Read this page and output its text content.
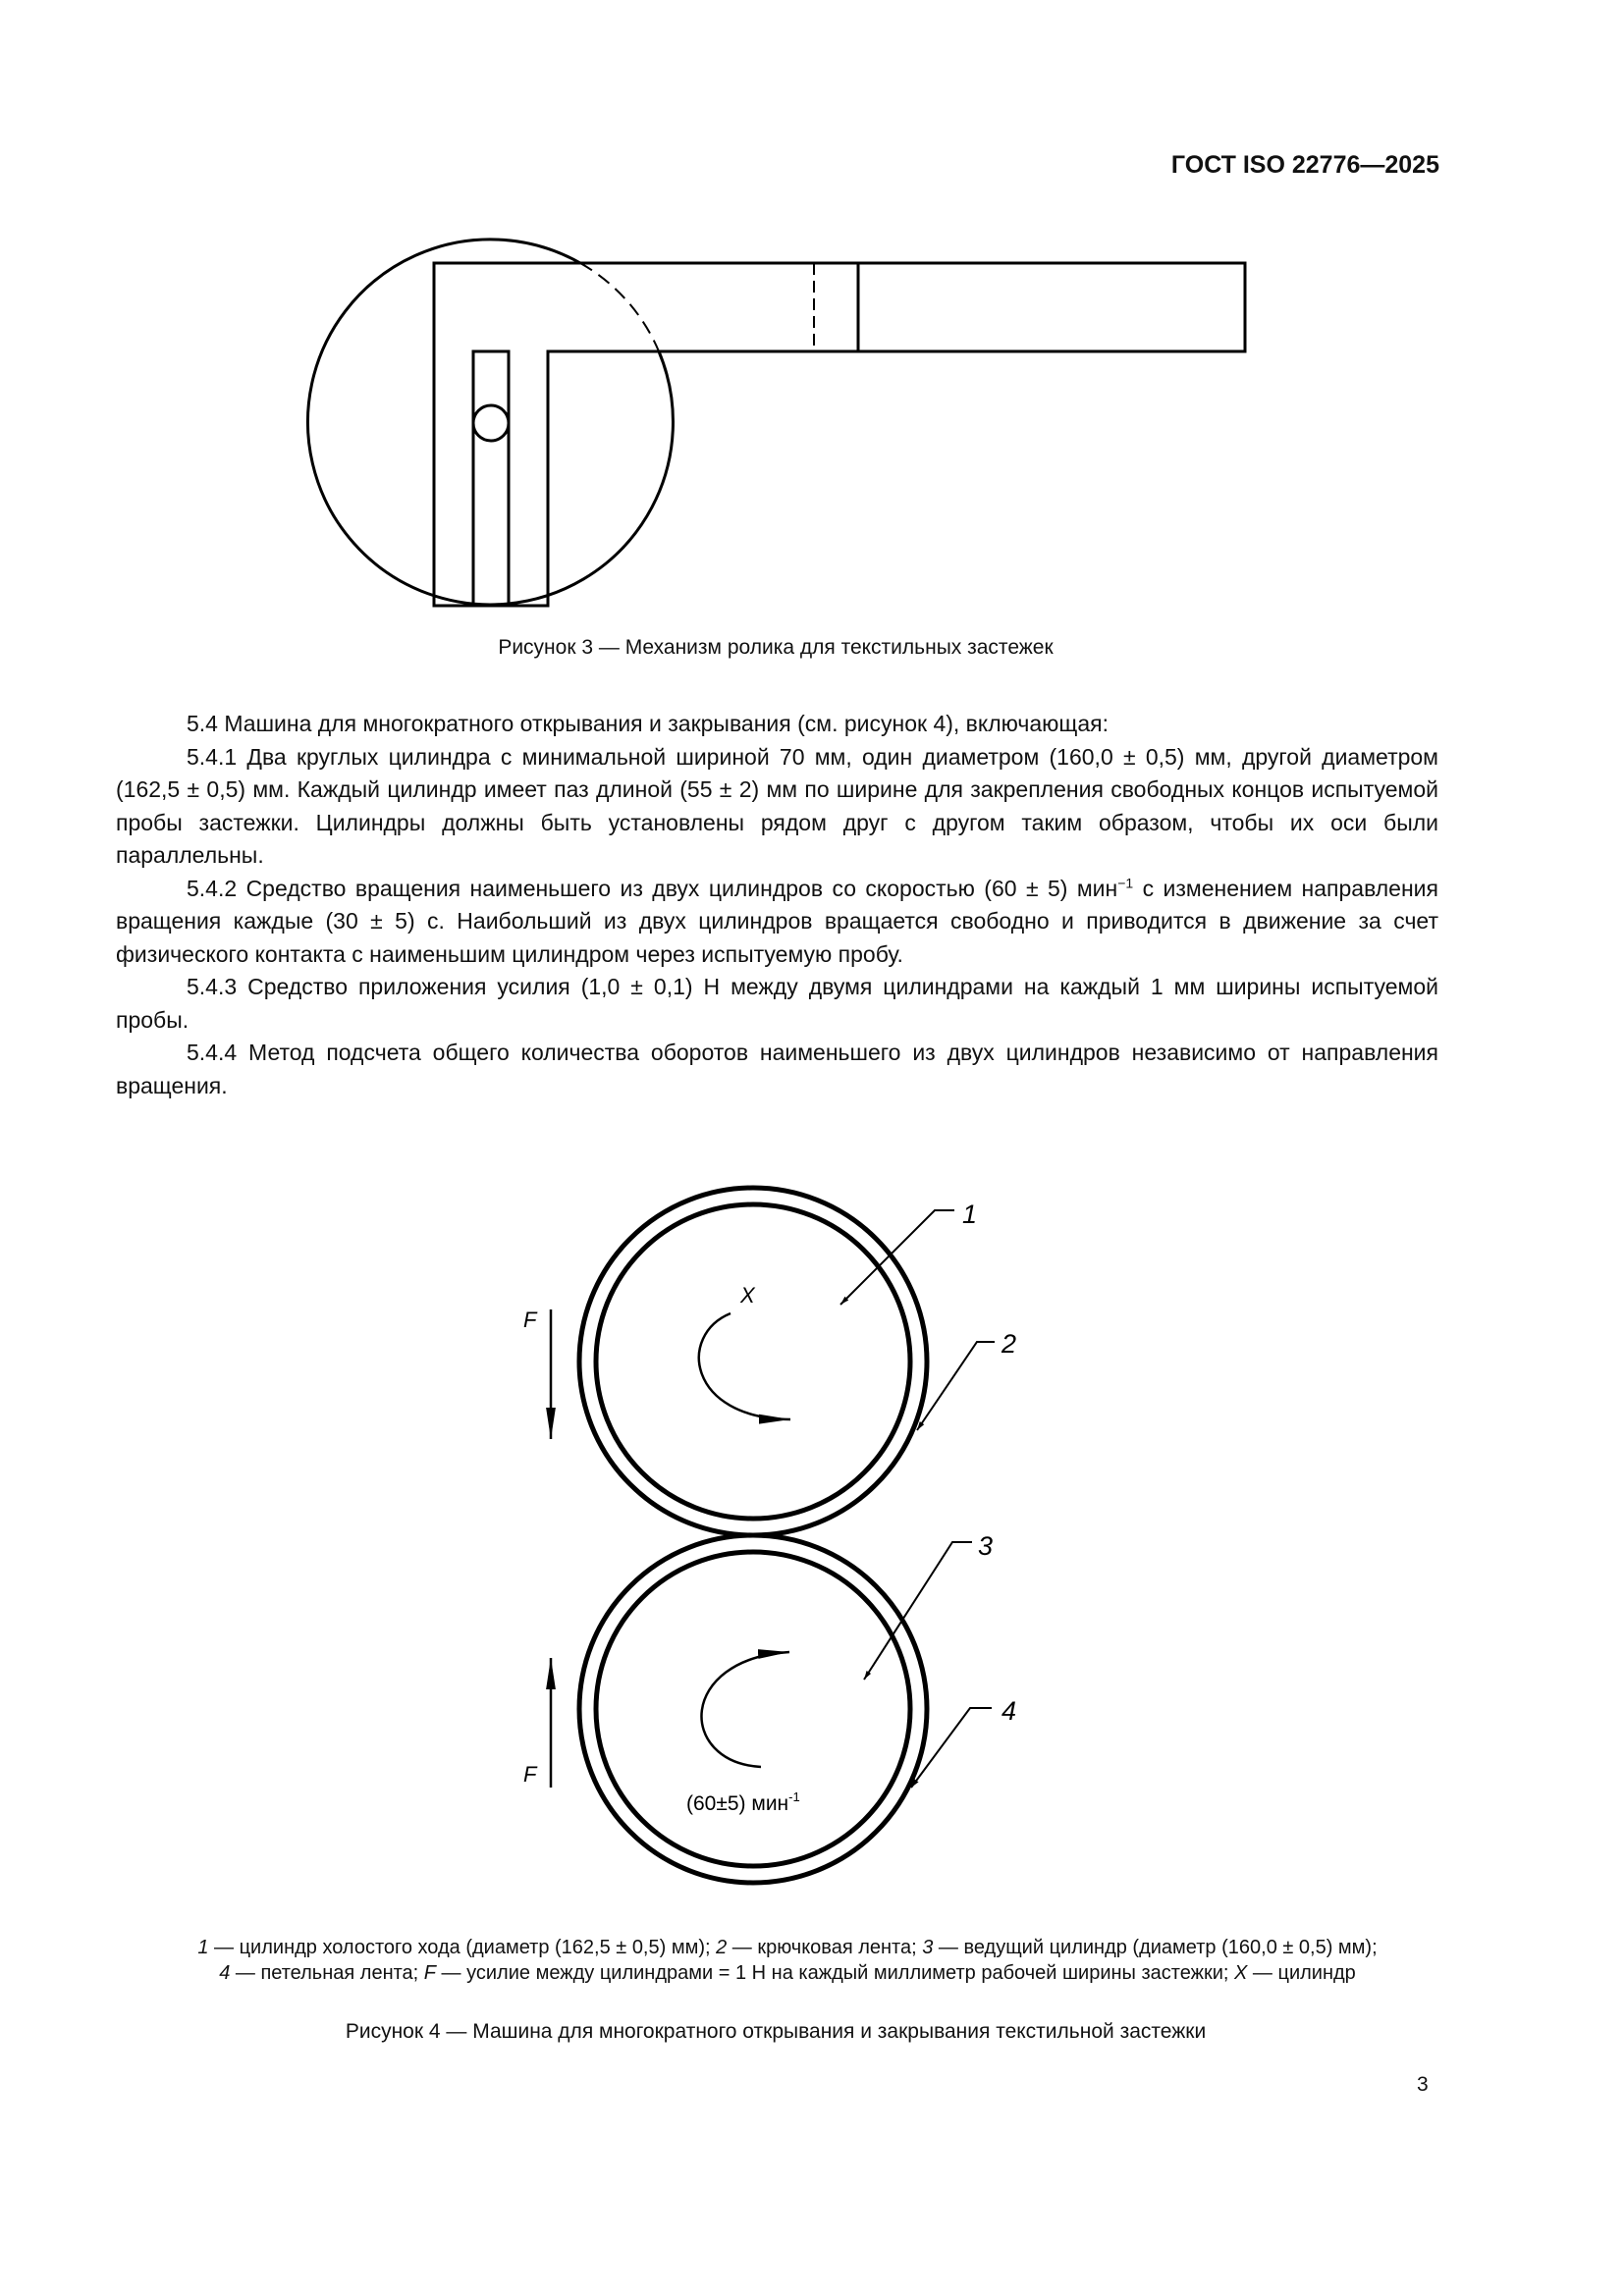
ГОСТ ISO 22776—2025
1
2
3
4
X
F
F
(60±5) мин$^{-1}$
Рисунок 3 — Механизм ролика для текстильных застежек

5.4 Машина для многократного открывания и закрывания (см. рисунок 4), включающая:

5.4.1 Два круглых цилиндра с минимальной шириной 70 мм, один диаметром (160,0 ± 0,5) мм, другой диаметром (162,5 ± 0,5) мм. Каждый цилиндр имеет паз длиной (55 ± 2) мм по ширине для закрепления свободных концов испытуемой пробы застежки. Цилиндры должны быть установлены рядом друг с другом таким образом, чтобы их оси были параллельны.

5.4.2 Средство вращения наименьшего из двух цилиндров со скоростью (60 ± 5) мин$^{-1}$ с изменением направления вращения каждые (30 ± 5) с. Наибольший из двух цилиндров вращается свободно и приводится в движение за счет физического контакта с наименьшим цилиндром через испытуемую пробу.

5.4.3 Средство приложения усилия (1,0 ± 0,1) Н между двумя цилиндрами на каждый 1 мм ширины испытуемой пробы.

5.4.4 Метод подсчета общего количества оборотов наименьшего из двух цилиндров независимо от направления вращения.

1 — цилиндр холостого хода (диаметр (162,5 ± 0,5) мм); 2 — крючковая лента; 3 — ведущий цилиндр (диаметр (160,0 ± 0,5) мм);
4 — петельная лента; F — усилие между цилиндрами = 1 Н на каждый миллиметр рабочей ширины застежки; X — цилиндр
Рисунок 4 — Машина для многократного открывания и закрывания текстильной застежки
3
